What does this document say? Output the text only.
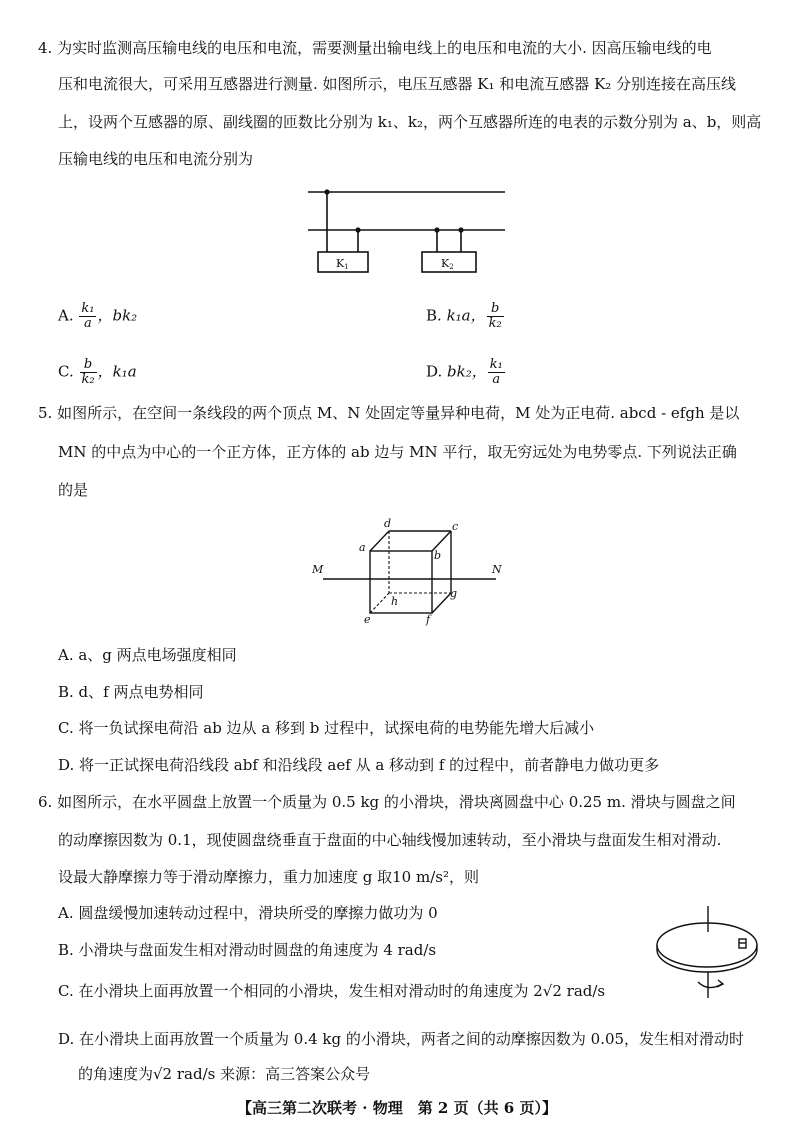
4. 为实时监测高压输电线的电压和电流，需要测量出输电线上的电压和电流的大小. 因高压输电线的电
压和电流很大，可采用互感器进行测量. 如图所示，电压互感器 K₁ 和电流互感器 K₂ 分别连接在高压线
上，设两个互感器的原、副线圈的匝数比分别为 k₁、k₂，两个互感器所连的电表的示数分别为 a、b，则高
压输电线的电压和电流分别为
K1	K2
A. $\frac{\text{k₁}}{a}$ ，bk₂	B. k₁a， $\frac{b}{\text{k₂}}$
C. $\frac{b}{\text{k₂}}$ ，k₁a	D. bk₂， $\frac{\text{k₁}}{a}$
5. 如图所示，在空间一条线段的两个顶点 M、N 处固定等量异种电荷，M 处为正电荷. abcd - efgh 是以
MN 的中点为中心的一个正方体，正方体的 ab 边与 MN 平行，取无穷远处为电势零点. 下列说法正确
的是
M	N
a
b
c
d
e	f
g
h
A. a、g 两点电场强度相同
B. d、f 两点电势相同
C. 将一负试探电荷沿 ab 边从 a 移到 b 过程中，试探电荷的电势能先增大后减小
D. 将一正试探电荷沿线段 abf 和沿线段 aef 从 a 移动到 f 的过程中，前者静电力做功更多
6. 如图所示，在水平圆盘上放置一个质量为 0.5 kg 的小滑块，滑块离圆盘中心 0.25 m. 滑块与圆盘之间
的动摩擦因数为 0.1，现使圆盘绕垂直于盘面的中心轴线慢加速转动，至小滑块与盘面发生相对滑动.
设最大静摩擦力等于滑动摩擦力，重力加速度 g 取10 m/s²，则
A. 圆盘缓慢加速转动过程中，滑块所受的摩擦力做功为 0
B. 小滑块与盘面发生相对滑动时圆盘的角速度为 4 rad/s
C. 在小滑块上面再放置一个相同的小滑块，发生相对滑动时的角速度为 2√2 rad/s
D. 在小滑块上面再放置一个质量为 0.4 kg 的小滑块，两者之间的动摩擦因数为 0.05，发生相对滑动时
的角速度为√2 rad/s 来源：高三答案公众号
【高三第二次联考 · 物理　第 2 页（共 6 页）】
